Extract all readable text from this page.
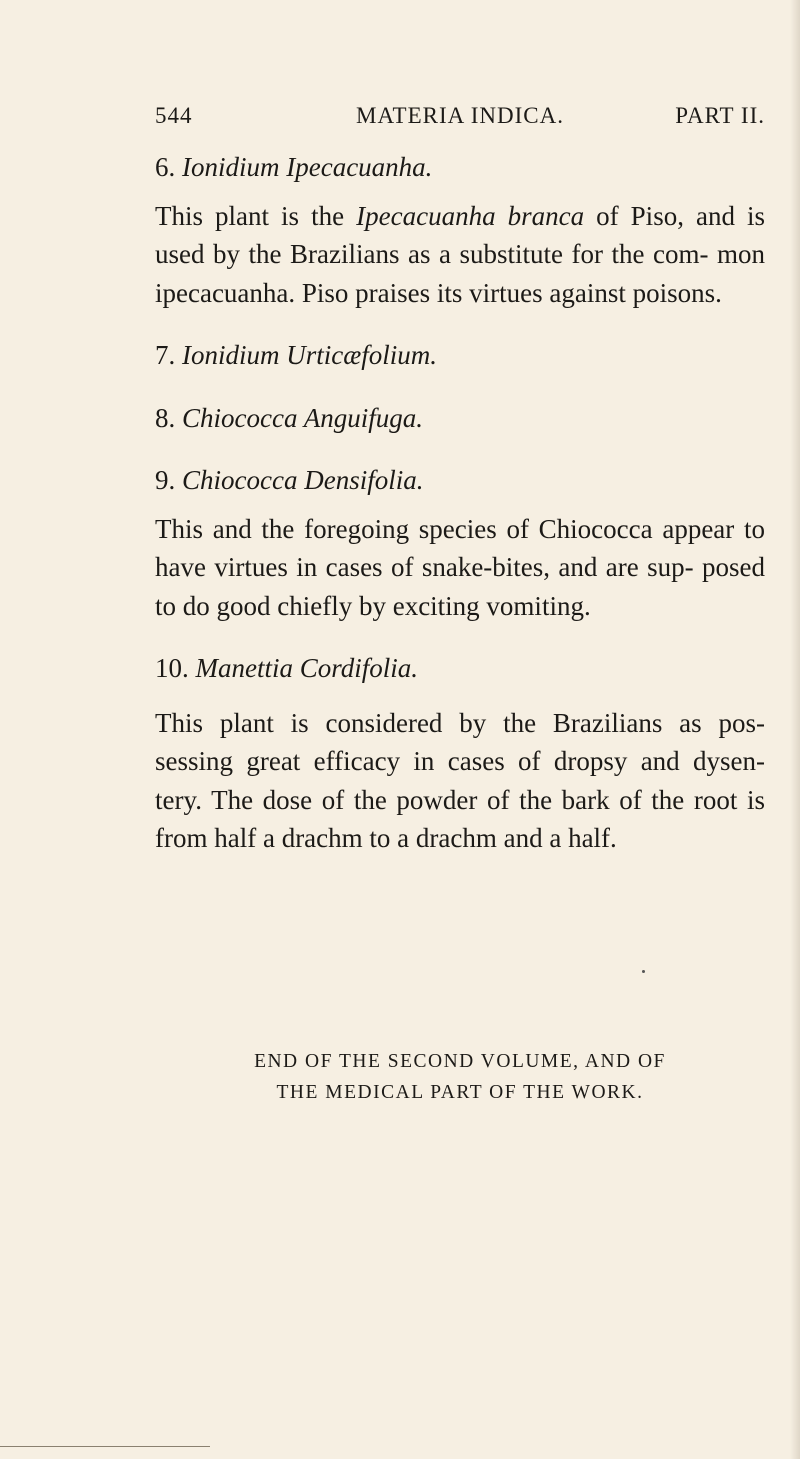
544	MATERIA INDICA.	PART II.

6. Ionidium Ipecacuanha.

This plant is the Ipecacuanha branca of Piso, and is used by the Brazilians as a substitute for the com- mon ipecacuanha. Piso praises its virtues against poisons.

7. Ionidium Urticæfolium.

8. Chiococca Anguifuga.

9. Chiococca Densifolia.

This and the foregoing species of Chiococca appear to have virtues in cases of snake-bites, and are sup- posed to do good chiefly by exciting vomiting.

10. Manettia Cordifolia.

This plant is considered by the Brazilians as pos- sessing great efficacy in cases of dropsy and dysen- tery. The dose of the powder of the bark of the root is from half a drachm to a drachm and a half.

END OF THE SECOND VOLUME, AND OF
THE MEDICAL PART OF THE WORK.
